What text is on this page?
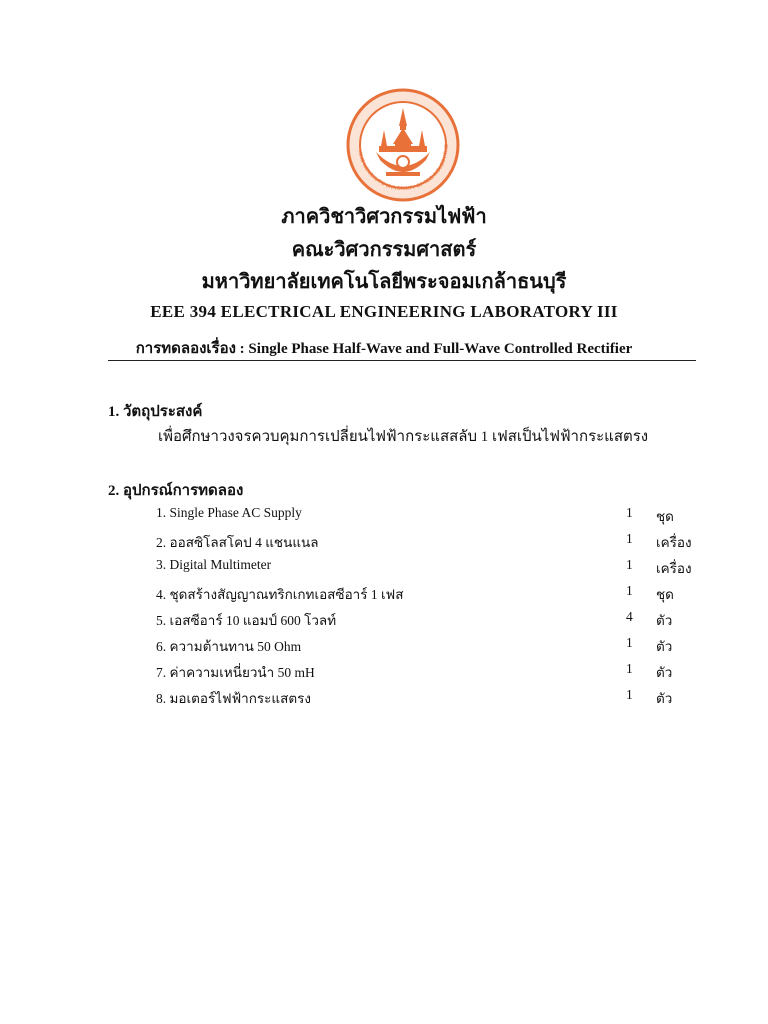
KING MONGKUT'S UNIVERSITY OF TECHNOLOGY THO
ภาควิชาวิศวกรรมไฟฟ้า
คณะวิศวกรรมศาสตร์
มหาวิทยาลัยเทคโนโลยีพระจอมเกล้าธนบุรี
EEE 394 ELECTRICAL ENGINEERING LABORATORY III
การทดลองเรื่อง : Single Phase Half-Wave and Full-Wave Controlled Rectifier
1. วัตถุประสงค์
เพื่อศึกษาวงจรควบคุมการเปลี่ยนไฟฟ้ากระแสสลับ 1 เฟสเป็นไฟฟ้ากระแสตรง
2. อุปกรณ์การทดลอง
1. Single Phase AC Supply	1 ชุด
2. ออสซิโลสโคป 4 แชนแนล	1 เครื่อง
3. Digital Multimeter	1 เครื่อง
4. ชุดสร้างสัญญาณทริกเกทเอสซีอาร์ 1 เฟส	1 ชุด
5. เอสซีอาร์ 10 แอมป์ 600 โวลท์	4 ตัว
6. ความต้านทาน 50 Ohm	1 ตัว
7. ค่าความเหนี่ยวนำ 50 mH	1 ตัว
8. มอเตอร์ไฟฟ้ากระแสตรง	1 ตัว
